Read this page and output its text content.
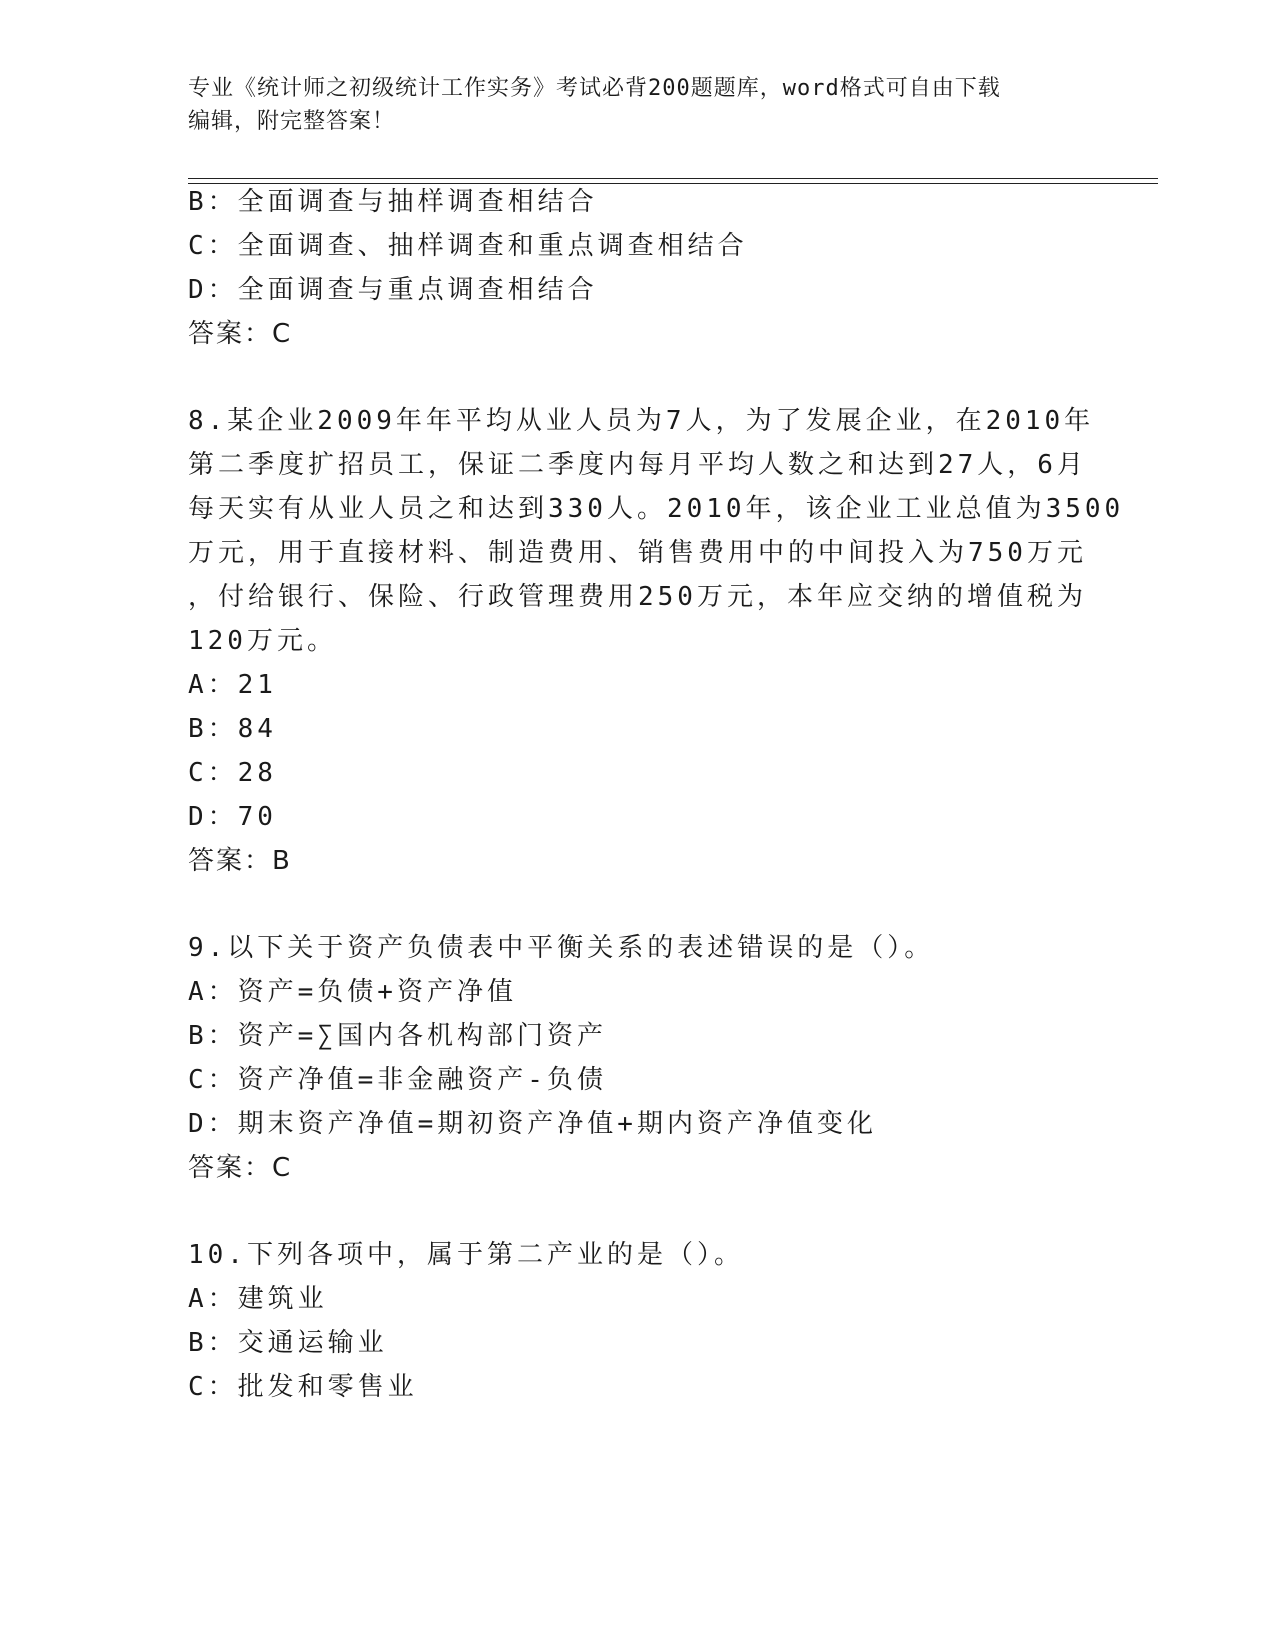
专业《统计师之初级统计工作实务》考试必背200题题库，word格式可自由下载
编辑，附完整答案！
B：全面调查与抽样调查相结合
C：全面调查、抽样调查和重点调查相结合
D：全面调查与重点调查相结合
答案：C
8.某企业2009年年平均从业人员为7人，为了发展企业，在2010年
第二季度扩招员工，保证二季度内每月平均人数之和达到27人，6月
每天实有从业人员之和达到330人。2010年，该企业工业总值为3500
万元，用于直接材料、制造费用、销售费用中的中间投入为750万元
，付给银行、保险、行政管理费用250万元，本年应交纳的增值税为
120万元。
A：21
B：84
C：28
D：70
答案：B
9.以下关于资产负债表中平衡关系的表述错误的是（）。
A：资产=负债+资产净值
B：资产=∑国内各机构部门资产
C：资产净值=非金融资产-负债
D：期末资产净值=期初资产净值+期内资产净值变化
答案：C
10.下列各项中，属于第二产业的是（）。
A：建筑业
B：交通运输业
C：批发和零售业
